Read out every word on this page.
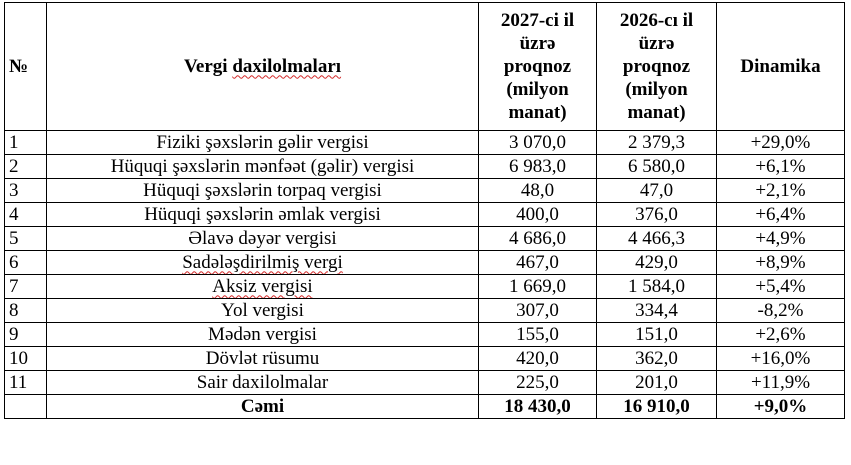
№	Vergi daxilolmaları	2027-ci il
üzrə
proqnoz
(milyon
manat)	2026-cı il
üzrə
proqnoz
(milyon
manat)	Dinamika
1	Fiziki şəxslərin gəlir vergisi	3 070,0	2 379,3	+29,0%
2	Hüquqi şəxslərin mənfəət (gəlir) vergisi	6 983,0	6 580,0	+6,1%
3	Hüquqi şəxslərin torpaq vergisi	48,0	47,0	+2,1%
4	Hüquqi şəxslərin əmlak vergisi	400,0	376,0	+6,4%
5	Əlavə dəyər vergisi	4 686,0	4 466,3	+4,9%
6	Sadələşdirilmiş vergi	467,0	429,0	+8,9%
7	Aksiz vergisi	1 669,0	1 584,0	+5,4%
8	Yol vergisi	307,0	334,4	-8,2%
9	Mədən vergisi	155,0	151,0	+2,6%
10	Dövlət rüsumu	420,0	362,0	+16,0%
11	Sair daxilolmalar	225,0	201,0	+11,9%
	Cəmi	18 430,0	16 910,0	+9,0%
